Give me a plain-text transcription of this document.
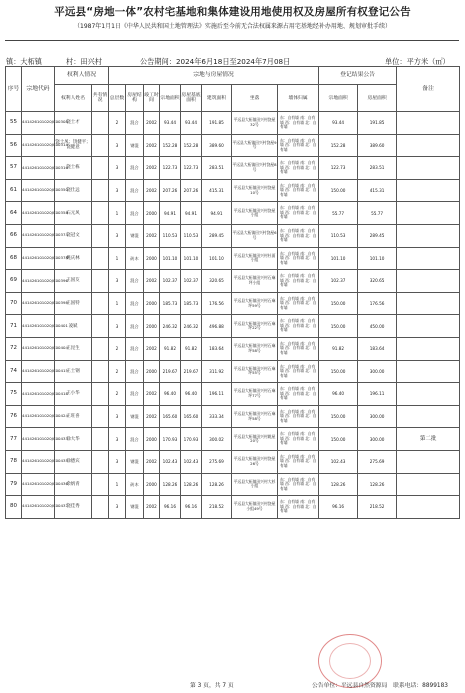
平远县“房地一体”农村宅基地和集体建设用地使用权及房屋所有权登记公告
（1987年1月1日《中华人民共和国土地管理法》实施后至今前无合法权属来源占用宅基地经补办用地、规划审批手续）
镇：大柘镇	村：田兴村	公告期间：2024年6月18日至2024年7月08日	单位：平方米（㎡）
序号	宗地代码	权利人情况		宗地与房屋情况								登记结果公告		备注
		权利人姓名	共有情况	总层数	房屋结构	竣工时间	宗地面积	房屋基底面积	建筑面积	坐落	墙体归属	宗地面积	房屋面积	
55	441426101020JC00308	饶士才		2	混合	2002	93.44	93.44	191.85	平远县大柘镇田兴村饶屋32号	东：自有墙 南：自有墙 西：自有墙 北：自有墙	93.44	191.85	
56	441426101020JC00314	饶士凤；饶健平；饶健意		3	钢混	2002	152.28	152.28	389.60	平远县大柘镇田兴村饶屋9号	东：自有墙 南：自有墙 西：自有墙 北：自有墙	152.28	389.60	
57	441426101020JC00316	饶士栋		3	混合	2002	122.73	122.73	283.51	平远县大柘镇田兴村饶屋8号	东：自有墙 南：自有墙 西：自有墙 北：自有墙	122.73	283.51	
61	441426101020JC00350	饶仕远		3	混合	2002	207.26	207.26	415.31	平远县大柘镇田兴村饶屋10号	东：自有墙 南：自有墙 西：自有墙 北：自有墙	150.00	415.31	
64	441426101020JC00358	石元风		1	混合	2000	94.91	94.91	94.91	平远县大柘镇田兴村饶屋小组	东：自有墙 南：自有墙 西：自有墙 北：自有墙	55.77	55.77	
66	441426101020JC00374	饶冠文		3	钢混	2002	110.53	110.53	289.45	平远县大柘镇田兴村饶屋6号	东：自有墙 南：自有墙 西：自有墙 北：自有墙	110.53	289.45	
68	441426101020JC00378	姚庆林		1	砖木	2000	101.10	101.10	101.10	平远县大柘镇田兴村杜面小组	东：自有墙 南：自有墙 西：自有墙 北：自有墙	101.10	101.10	
69	441426101020JC00396	王国友		3	混合	2002	102.37	102.37	320.65	平远县大柘镇田兴村石麻坪小组	东：自有墙 南：自有墙 西：自有墙 北：自有墙	102.37	320.65	
70	441426101020JC00398	王国特		1	混合	2000	185.73	185.73	176.56	平远县大柘镇田兴村石麻坪59号	东：自有墙 南：自有墙 西：自有墙 北：自有墙	150.00	176.56	
71	441426101020JC00401	凌斌		3	混合	2000	246.32	246.32	496.88	平远县大柘镇田兴村石麻坪22号	东：自有墙 南：自有墙 西：自有墙 北：自有墙	150.00	450.00	
72	441426101020JC00404	王昆生		2	混合	2002	91.82	91.82	183.64	平远县大柘镇田兴村石麻坪58号	东：自有墙 南：自有墙 西：自有墙 北：自有墙	91.82	183.64	
74	441426101020JC00415	王士钢		2	混合	2000	219.67	219.67	311.92	平远县大柘镇田兴村石麻坪55号	东：自有墙 南：自有墙 西：自有墙 北：自有墙	150.00	300.00	
75	441426101020JC00418	王小华		2	混合	2002	96.40	96.40	196.11	平远县大柘镇田兴村石麻坪77号	东：自有墙 南：自有墙 西：自有墙 北：自有墙	96.40	196.11	
76	441426101020JC00424	王旺喜		3	钢混	2002	165.60	165.60	333.34	平远县大柘镇田兴村石麻坪58号	东：自有墙 南：自有墙 西：自有墙 北：自有墙	150.00	300.00	
77	441426101020JC00433	徐大华		3	混合	2000	170.93	170.93	300.02	平远县大柘镇田兴村姚屋20号	东：自有墙 南：自有墙 西：自有墙 北：自有墙	150.00	300.00	第二批
78	441426101020JC00435	徐德宾		3	钢混	2002	102.43	102.43	275.69	平远县大柘镇田兴村饶屋26号	东：自有墙 南：自有墙 西：自有墙 北：自有墙	102.43	275.69	
79	441426101020JC00436	余炳青		1	砖木	2000	128.26	128.26	128.26	平远县大柘镇田兴村大杉小组	东：自有墙 南：自有墙 西：自有墙 北：自有墙	128.26	128.26	
80	441426101020JC00437	饶佳秀		3	钢混	2002	96.16	96.16	218.52	平远县大柘镇田兴村饶屋小组49号	东：自有墙 南：自有墙 西：自有墙 北：自有墙	96.16	218.52	
第 3 页，共 7 页	公告单位：平远县自然资源局　联系电话：8899183
